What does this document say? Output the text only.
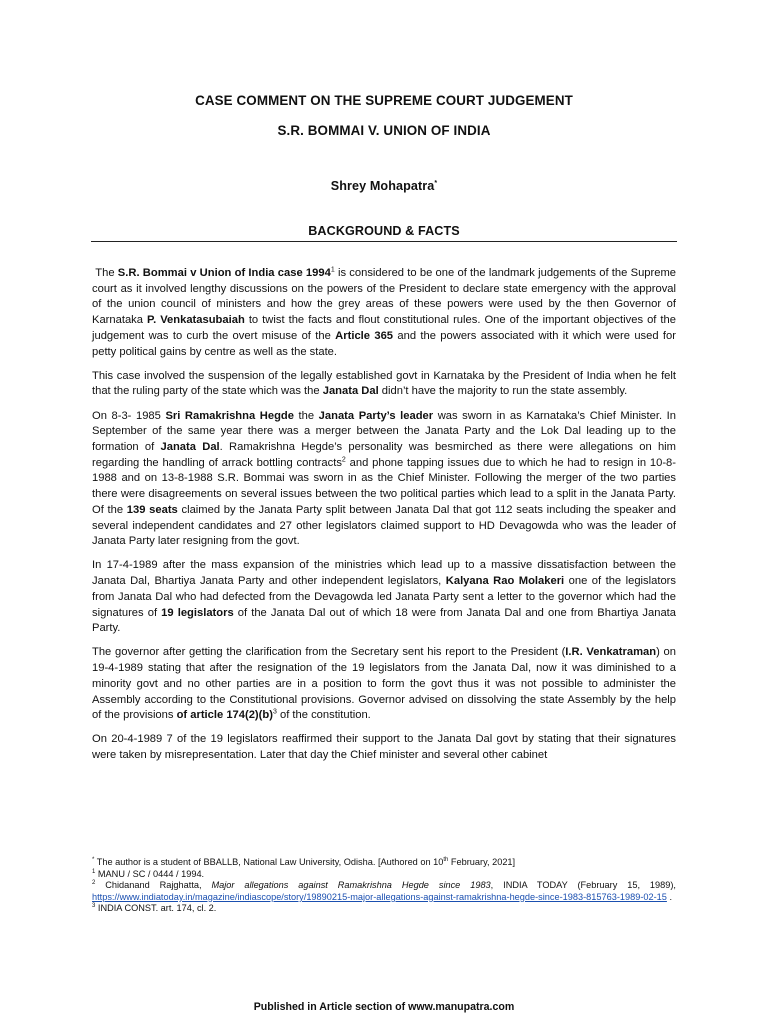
CASE COMMENT ON THE SUPREME COURT JUDGEMENT
S.R. BOMMAI V. UNION OF INDIA
Shrey Mohapatra*
BACKGROUND & FACTS

The S.R. Bommai v Union of India case 1994$^1$ is considered to be one of the landmark judgements of the Supreme court as it involved lengthy discussions on the powers of the President to declare state emergency with the approval of the union council of ministers and how the grey areas of these powers were used by the then Governor of Karnataka P. Venkatasubaiah to twist the facts and flout constitutional rules. One of the important objectives of the judgement was to curb the overt misuse of the Article 365 and the powers associated with it which were used for petty political gains by centre as well as the state.

This case involved the suspension of the legally established govt in Karnataka by the President of India when he felt that the ruling party of the state which was the Janata Dal didn’t have the majority to run the state assembly.

On 8-3- 1985 Sri Ramakrishna Hegde the Janata Party’s leader was sworn in as Karnataka’s Chief Minister. In September of the same year there was a merger between the Janata Party and the Lok Dal leading up to the formation of Janata Dal. Ramakrishna Hegde’s personality was besmirched as there were allegations on him regarding the handling of arrack bottling contracts$^2$ and phone tapping issues due to which he had to resign in 10-8-1988 and on 13-8-1988 S.R. Bommai was sworn in as the Chief Minister. Following the merger of the two parties there were disagreements on several issues between the two political parties which lead to a split in the Janata Party. Of the 139 seats claimed by the Janata Party split between Janata Dal that got 112 seats including the speaker and several independent candidates and 27 other legislators claimed support to HD Devagowda who was the leader of Janata Party later resigning from the govt.

In 17-4-1989 after the mass expansion of the ministries which lead up to a massive dissatisfaction between the Janata Dal, Bhartiya Janata Party and other independent legislators, Kalyana Rao Molakeri one of the legislators from Janata Dal who had defected from the Devagowda led Janata Party sent a letter to the governor which had the signatures of 19 legislators of the Janata Dal out of which 18 were from Janata Dal and one from Bhartiya Janata Party.

The governor after getting the clarification from the Secretary sent his report to the President (I.R. Venkatraman) on 19-4-1989 stating that after the resignation of the 19 legislators from the Janata Dal, now it was diminished to a minority govt and no other parties are in a position to form the govt thus it was not possible to administer the Assembly according to the Constitutional provisions. Governor advised on dissolving the state Assembly by the help of the provisions of article $174(2)(b)^3$ of the constitution.

On 20-4-1989 7 of the 19 legislators reaffirmed their support to the Janata Dal govt by stating that their signatures were taken by misrepresentation. Later that day the Chief minister and several other cabinet

* The author is a student of BBALLB, National Law University, Odisha. [Authored on 10th February, 2021]

$^1$ MANU / SC / 0444 / 1994.

$^2$ Chidanand Rajghatta, Major allegations against Ramakrishna Hegde since 1983, INDIA TODAY (February 15, 1989), https://www.indiatoday.in/magazine/indiascope/story/19890215-major-allegations-against-ramakrishna-hegde-since-1983-815763-1989-02-15 .

$^3$ INDIA CONST. art. 174, cl. 2.

Published in Article section of www.manupatra.com
